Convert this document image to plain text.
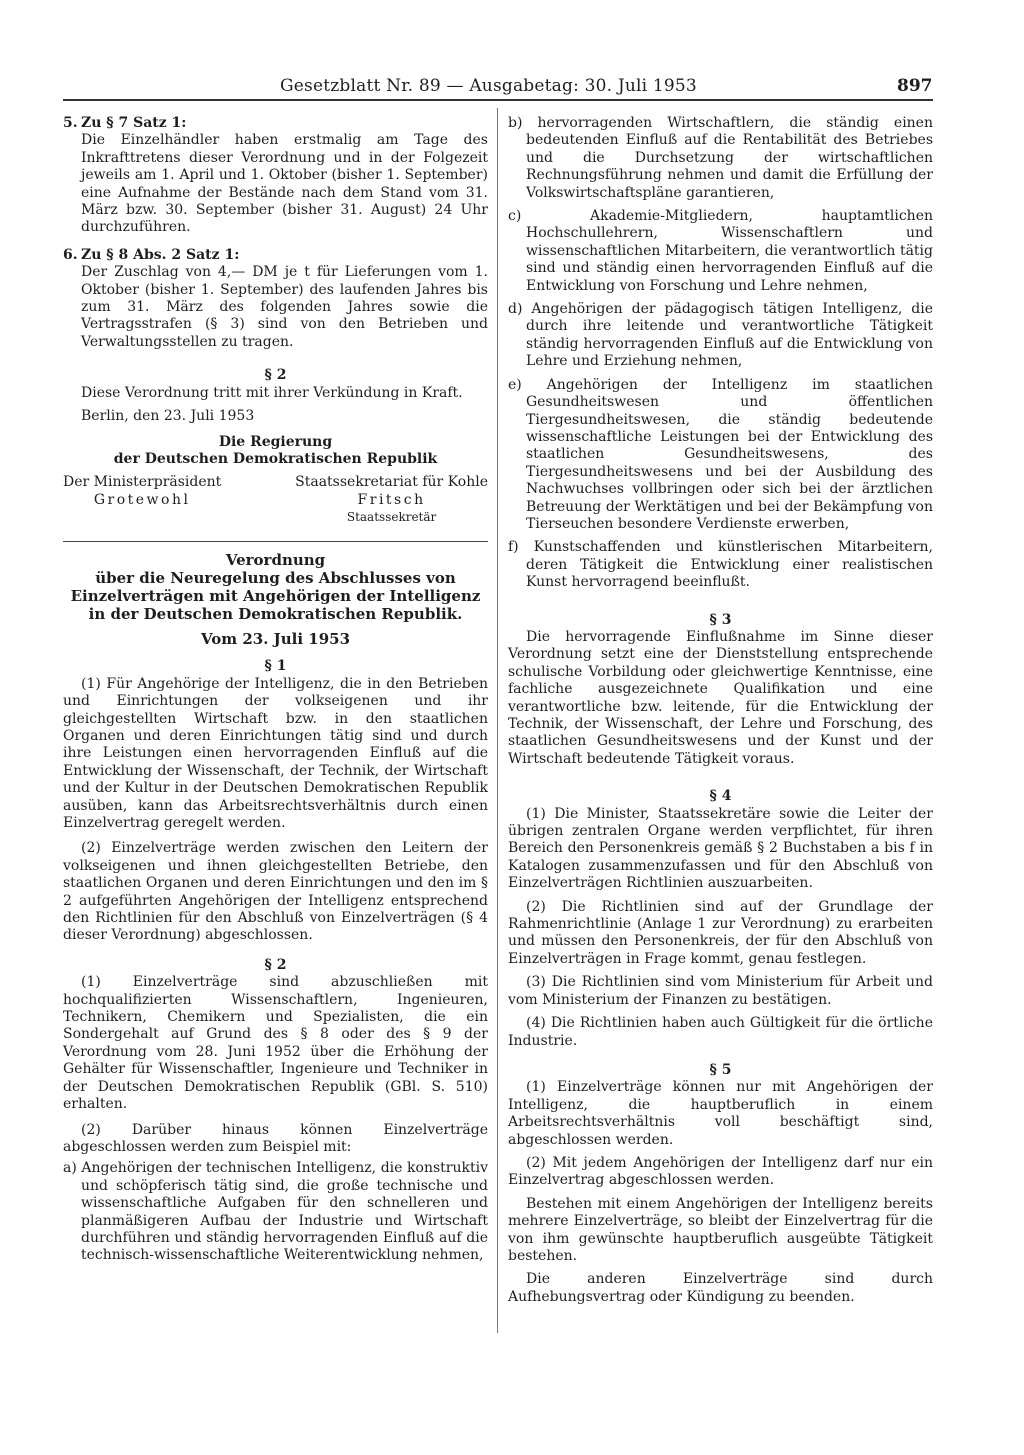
Gesetzblatt Nr. 89 — Ausgabetag: 30. Juli 1953	897
5. Zu § 7 Satz 1:

Die Einzelhändler haben erstmalig am Tage des Inkrafttretens dieser Verordnung und in der Folgezeit jeweils am 1. April und 1. Oktober (bisher 1. September) eine Aufnahme der Bestände nach dem Stand vom 31. März bzw. 30. September (bisher 31. August) 24 Uhr durchzuführen.

6. Zu § 8 Abs. 2 Satz 1:

Der Zuschlag von 4,— DM je t für Lieferungen vom 1. Oktober (bisher 1. September) des laufenden Jahres bis zum 31. März des folgenden Jahres sowie die Vertragsstrafen (§ 3) sind von den Betrieben und Verwaltungsstellen zu tragen.

§ 2

Diese Verordnung tritt mit ihrer Verkündung in Kraft.

Berlin, den 23. Juli 1953

Die Regierung

der Deutschen Demokratischen Republik

Der Ministerpräsident

Grotewohl

Staatssekretariat für Kohle

Fritsch

Staatssekretär

Verordnung

über die Neuregelung des Abschlusses von Einzelverträgen mit Angehörigen der Intelligenz in der Deutschen Demokratischen Republik.

Vom 23. Juli 1953

§ 1

(1) Für Angehörige der Intelligenz, die in den Betrieben und Einrichtungen der volkseigenen und ihr gleichgestellten Wirtschaft bzw. in den staatlichen Organen und deren Einrichtungen tätig sind und durch ihre Leistungen einen hervorragenden Einfluß auf die Entwicklung der Wissenschaft, der Technik, der Wirtschaft und der Kultur in der Deutschen Demokratischen Republik ausüben, kann das Arbeitsrechtsverhältnis durch einen Einzelvertrag geregelt werden.

(2) Einzelverträge werden zwischen den Leitern der volkseigenen und ihnen gleichgestellten Betriebe, den staatlichen Organen und deren Einrichtungen und den im § 2 aufgeführten Angehörigen der Intelligenz entsprechend den Richtlinien für den Abschluß von Einzelverträgen (§ 4 dieser Verordnung) abgeschlossen.

§ 2

(1) Einzelverträge sind abzuschließen mit hochqualifizierten Wissenschaftlern, Ingenieuren, Technikern, Chemikern und Spezialisten, die ein Sondergehalt auf Grund des § 8 oder des § 9 der Verordnung vom 28. Juni 1952 über die Erhöhung der Gehälter für Wissenschaftler, Ingenieure und Techniker in der Deutschen Demokratischen Republik (GBl. S. 510) erhalten.

(2) Darüber hinaus können Einzelverträge abgeschlossen werden zum Beispiel mit:

a) Angehörigen der technischen Intelligenz, die konstruktiv und schöpferisch tätig sind, die große technische und wissenschaftliche Aufgaben für den schnelleren und planmäßigeren Aufbau der Industrie und Wirtschaft durchführen und ständig hervorragenden Einfluß auf die technisch-wissenschaftliche Weiterentwicklung nehmen,

b) hervorragenden Wirtschaftlern, die ständig einen bedeutenden Einfluß auf die Rentabilität des Betriebes und die Durchsetzung der wirtschaftlichen Rechnungsführung nehmen und damit die Erfüllung der Volkswirtschaftspläne garantieren,

c) Akademie-Mitgliedern, hauptamtlichen Hochschullehrern, Wissenschaftlern und wissenschaftlichen Mitarbeitern, die verantwortlich tätig sind und ständig einen hervorragenden Einfluß auf die Entwicklung von Forschung und Lehre nehmen,

d) Angehörigen der pädagogisch tätigen Intelligenz, die durch ihre leitende und verantwortliche Tätigkeit ständig hervorragenden Einfluß auf die Entwicklung von Lehre und Erziehung nehmen,

e) Angehörigen der Intelligenz im staatlichen Gesundheitswesen und öffentlichen Tiergesundheitswesen, die ständig bedeutende wissenschaftliche Leistungen bei der Entwicklung des staatlichen Gesundheitswesens, des Tiergesundheitswesens und bei der Ausbildung des Nachwuchses vollbringen oder sich bei der ärztlichen Betreuung der Werktätigen und bei der Bekämpfung von Tierseuchen besondere Verdienste erwerben,

f) Kunstschaffenden und künstlerischen Mitarbeitern, deren Tätigkeit die Entwicklung einer realistischen Kunst hervorragend beeinflußt.

§ 3

Die hervorragende Einflußnahme im Sinne dieser Verordnung setzt eine der Dienststellung entsprechende schulische Vorbildung oder gleichwertige Kenntnisse, eine fachliche ausgezeichnete Qualifikation und eine verantwortliche bzw. leitende, für die Entwicklung der Technik, der Wissenschaft, der Lehre und Forschung, des staatlichen Gesundheitswesens und der Kunst und der Wirtschaft bedeutende Tätigkeit voraus.

§ 4

(1) Die Minister, Staatssekretäre sowie die Leiter der übrigen zentralen Organe werden verpflichtet, für ihren Bereich den Personenkreis gemäß § 2 Buchstaben a bis f in Katalogen zusammenzufassen und für den Abschluß von Einzelverträgen Richtlinien auszuarbeiten.

(2) Die Richtlinien sind auf der Grundlage der Rahmenrichtlinie (Anlage 1 zur Verordnung) zu erarbeiten und müssen den Personenkreis, der für den Abschluß von Einzelverträgen in Frage kommt, genau festlegen.

(3) Die Richtlinien sind vom Ministerium für Arbeit und vom Ministerium der Finanzen zu bestätigen.

(4) Die Richtlinien haben auch Gültigkeit für die örtliche Industrie.

§ 5

(1) Einzelverträge können nur mit Angehörigen der Intelligenz, die hauptberuflich in einem Arbeitsrechtsverhältnis voll beschäftigt sind, abgeschlossen werden.

(2) Mit jedem Angehörigen der Intelligenz darf nur ein Einzelvertrag abgeschlossen werden.

Bestehen mit einem Angehörigen der Intelligenz bereits mehrere Einzelverträge, so bleibt der Einzelvertrag für die von ihm gewünschte hauptberuflich ausgeübte Tätigkeit bestehen.

Die anderen Einzelverträge sind durch Aufhebungsvertrag oder Kündigung zu beenden.
